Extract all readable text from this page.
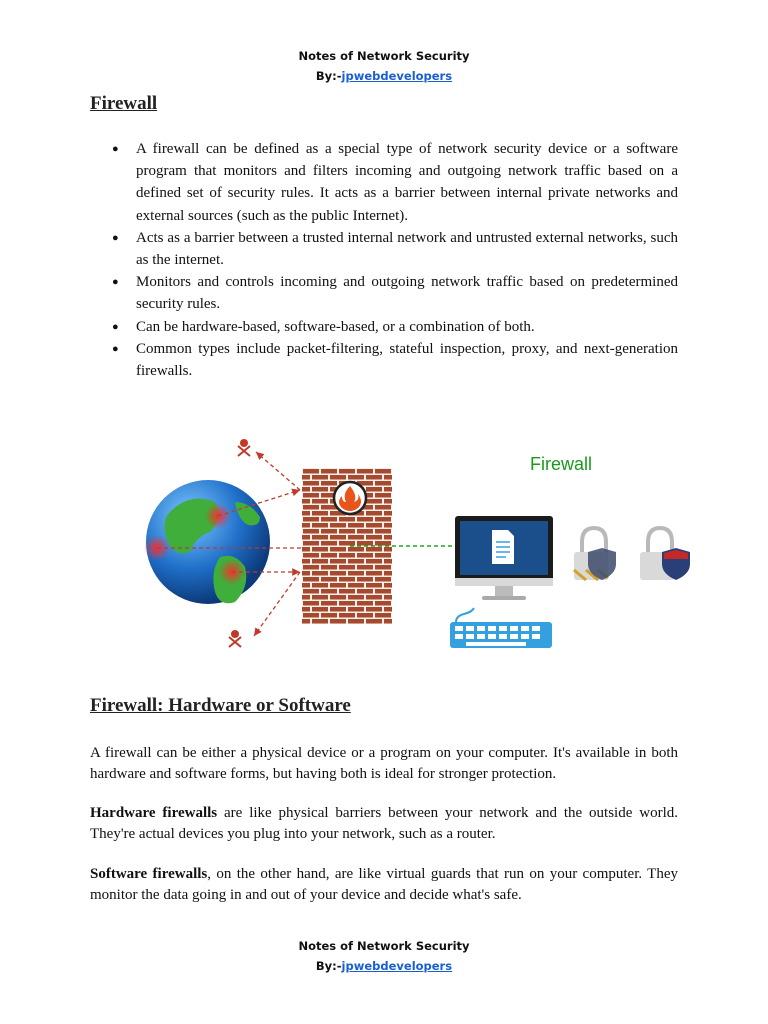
Notes of Network Security
By:-jpwebdevelopers
Firewall
● A firewall can be defined as a special type of network security device or a software program that monitors and filters incoming and outgoing network traffic based on a defined set of security rules. It acts as a barrier between internal private networks and external sources (such as the public Internet).
● Acts as a barrier between a trusted internal network and untrusted external networks, such as the internet.
● Monitors and controls incoming and outgoing network traffic based on predetermined security rules.
● Can be hardware-based, software-based, or a combination of both.
● Common types include packet-filtering, stateful inspection, proxy, and next-generation firewalls.
Firewall
Firewall: Hardware or Software

A firewall can be either a physical device or a program on your computer. It's available in both hardware and software forms, but having both is ideal for stronger protection.

Hardware firewalls are like physical barriers between your network and the outside world. They're actual devices you plug into your network, such as a router.

Software firewalls, on the other hand, are like virtual guards that run on your computer. They monitor the data going in and out of your device and decide what's safe.

Notes of Network Security
By:-jpwebdevelopers
